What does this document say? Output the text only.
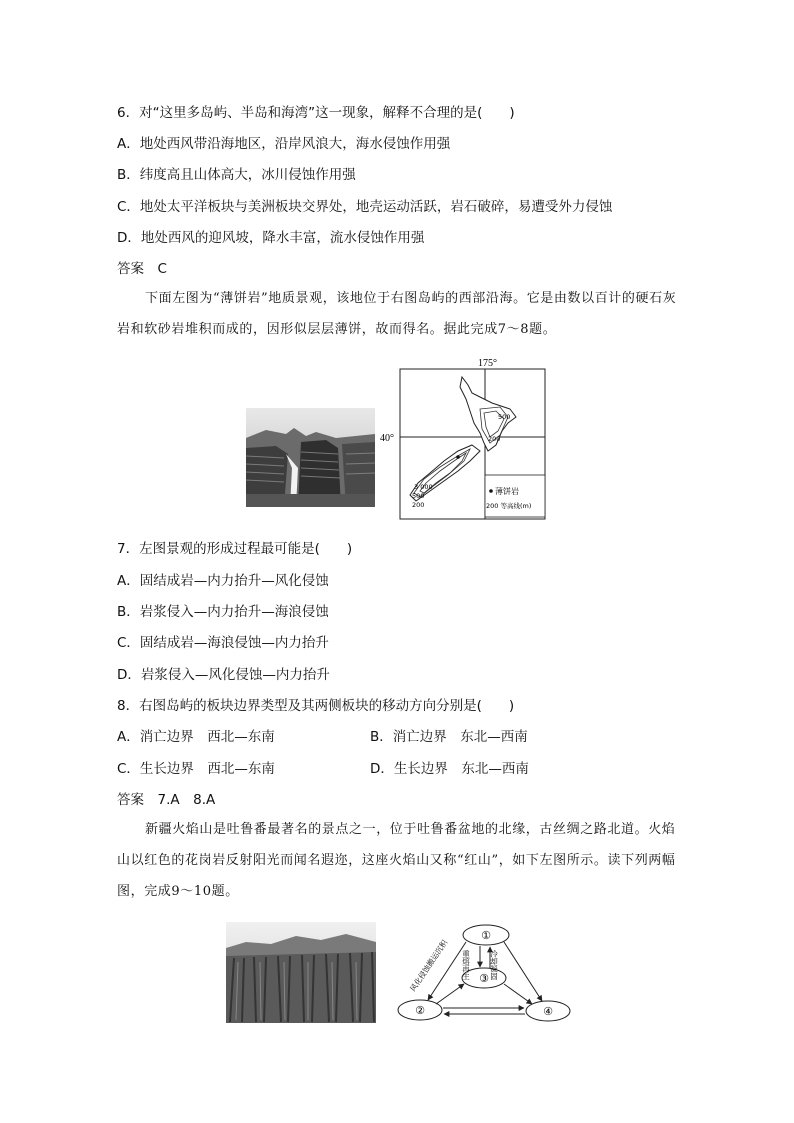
6．对“这里多岛屿、半岛和海湾”这一现象，解释不合理的是(　　)
A．地处西风带沿海地区，沿岸风浪大，海水侵蚀作用强
B．纬度高且山体高大，冰川侵蚀作用强
C．地处太平洋板块与美洲板块交界处，地壳运动活跃，岩石破碎，易遭受外力侵蚀
D．地处西风的迎风坡，降水丰富，流水侵蚀作用强
答案　C
下面左图为“薄饼岩”地质景观，该地位于右图岛屿的西部沿海。它是由数以百计的硬石灰岩和软砂岩堆积而成的，因形似层层薄饼，故而得名。据此完成7～8题。
175°
40°
500
200
3 000
500
200
薄饼岩
200 等高线(m)
7．左图景观的形成过程最可能是(　　)
A．固结成岩—内力抬升—风化侵蚀
B．岩浆侵入—内力抬升—海浪侵蚀
C．固结成岩—海浪侵蚀—内力抬升
D．岩浆侵入—风化侵蚀—内力抬升
8．右图岛屿的板块边界类型及其两侧板块的移动方向分别是(　　)
A．消亡边界　西北—东南	B．消亡边界　东北—西南
C．生长边界　西北—东南	D．生长边界　东北—西南
答案　7.A　8.A
新疆火焰山是吐鲁番最著名的景点之一，位于吐鲁番盆地的北缘，古丝绸之路北道。火焰山以红色的花岗岩反射阳光而闻名遐迩，这座火焰山又称“红山”，如下左图所示。读下列两幅图，完成9～10题。
①
③
②	④
风化侵蚀搬运沉积 重熔再生	冷却凝固
